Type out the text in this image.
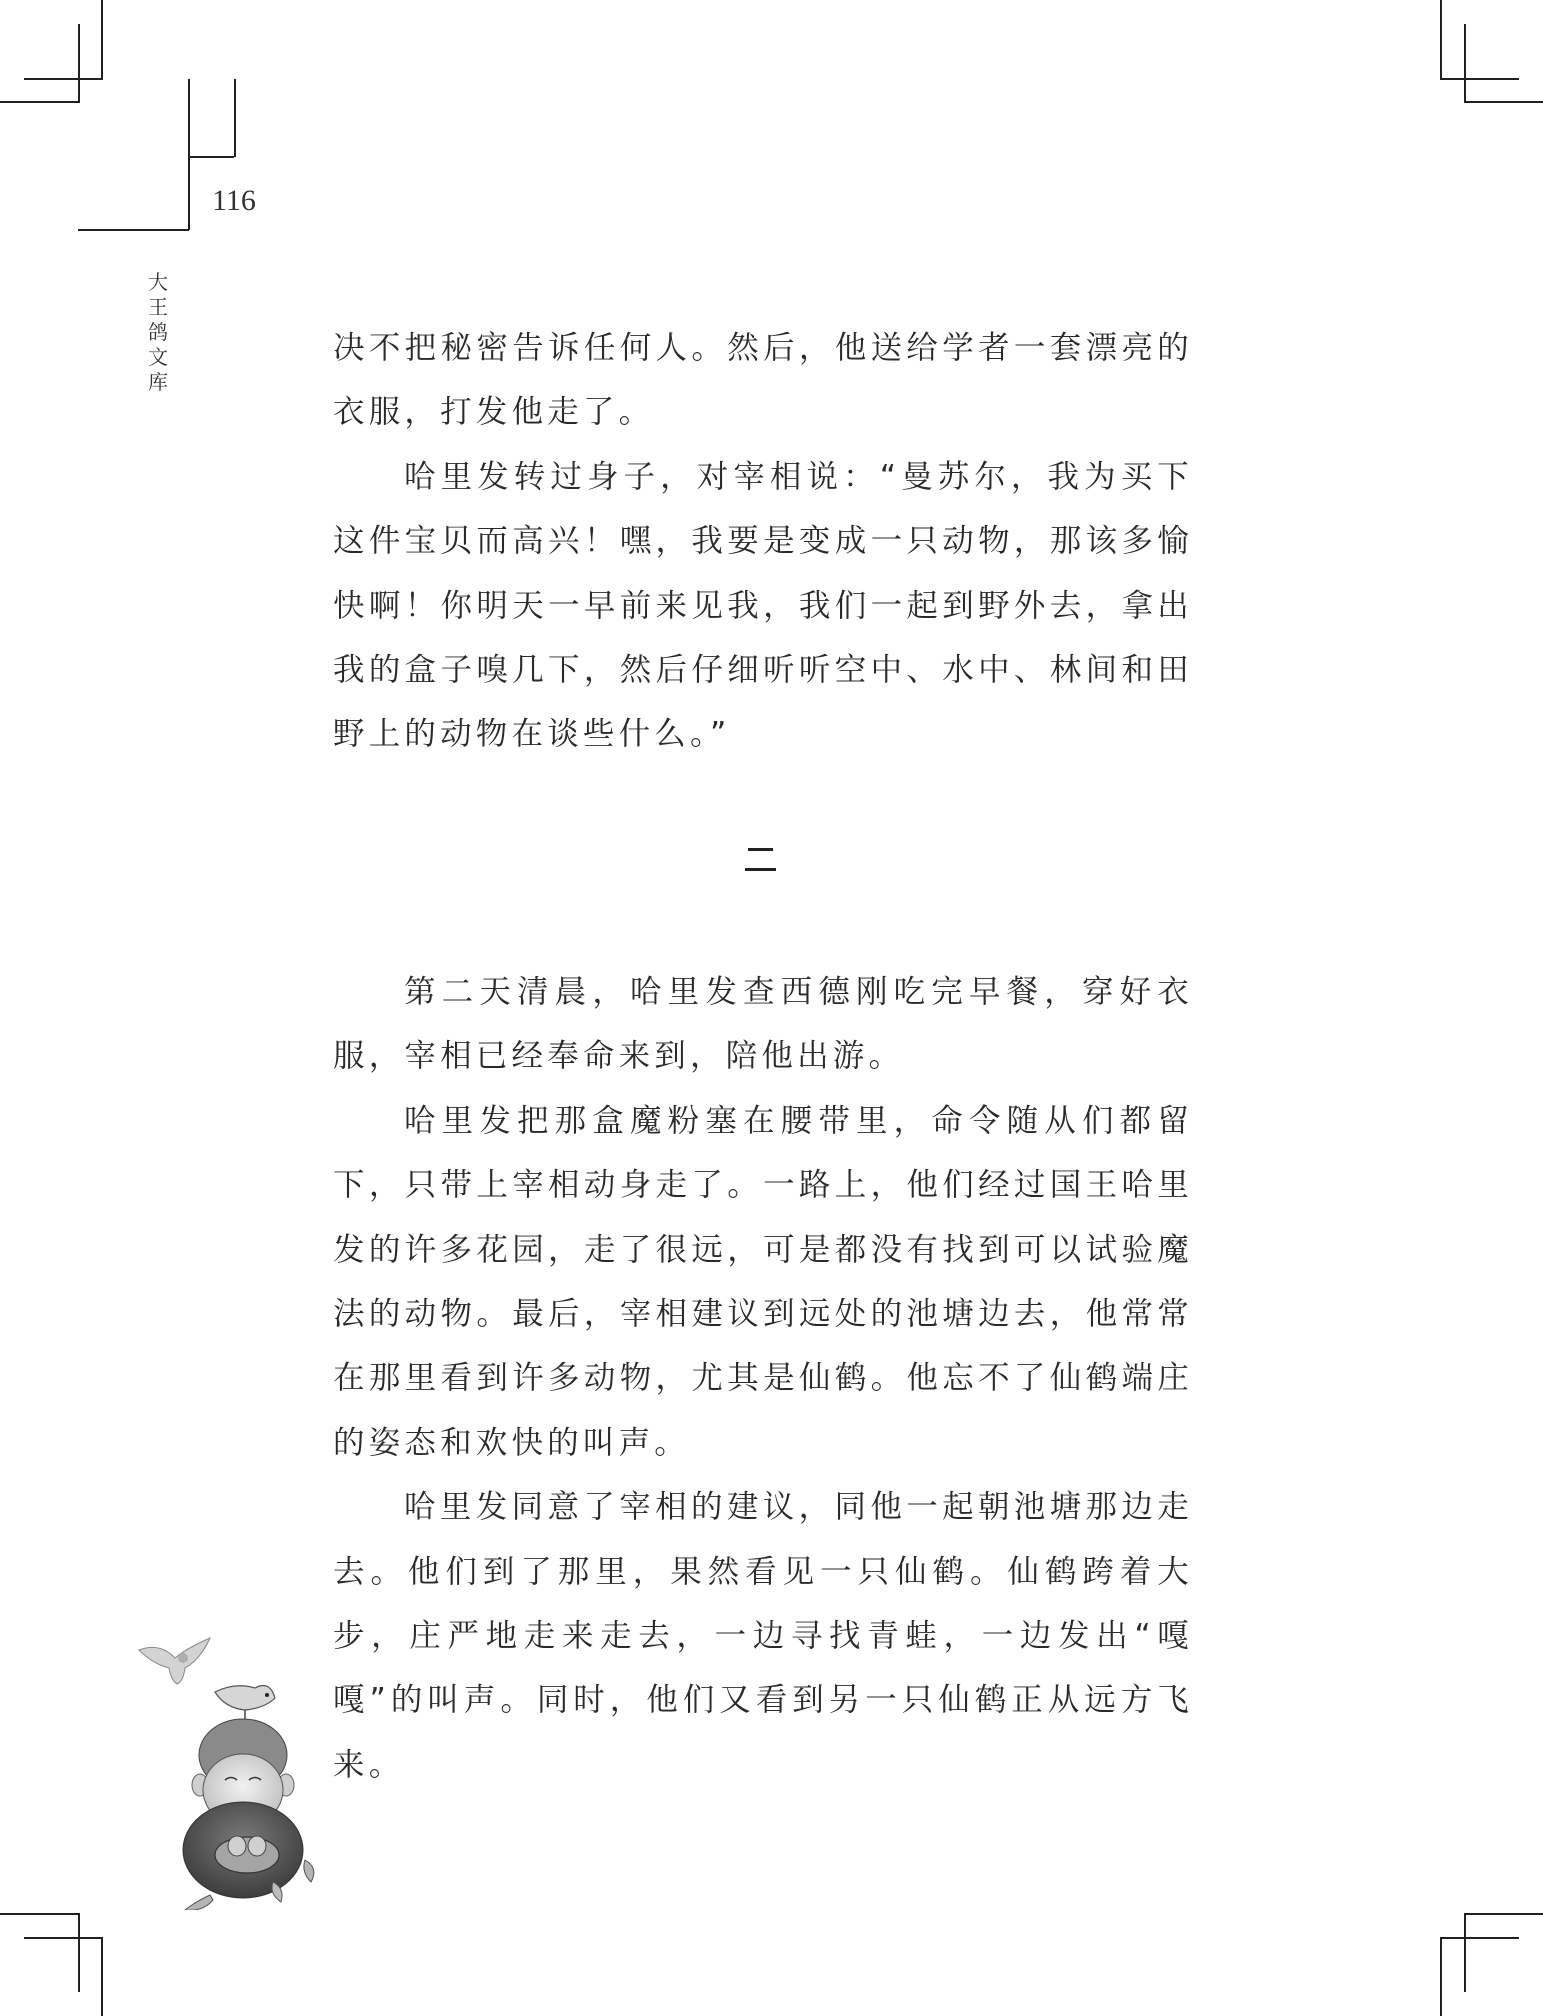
116
大
王
鸽
文
库

决不把秘密告诉任何人。然后，他送给学者一套漂亮的衣服，打发他走了。

哈里发转过身子，对宰相说：“曼苏尔，我为买下这件宝贝而高兴！嘿，我要是变成一只动物，那该多愉快啊！你明天一早前来见我，我们一起到野外去，拿出我的盒子嗅几下，然后仔细听听空中、水中、林间和田野上的动物在谈些什么。”

第二天清晨，哈里发查西德刚吃完早餐，穿好衣服，宰相已经奉命来到，陪他出游。

哈里发把那盒魔粉塞在腰带里，命令随从们都留下，只带上宰相动身走了。一路上，他们经过国王哈里发的许多花园，走了很远，可是都没有找到可以试验魔法的动物。最后，宰相建议到远处的池塘边去，他常常在那里看到许多动物，尤其是仙鹤。他忘不了仙鹤端庄的姿态和欢快的叫声。

哈里发同意了宰相的建议，同他一起朝池塘那边走去。他们到了那里，果然看见一只仙鹤。仙鹤跨着大步，庄严地走来走去，一边寻找青蛙，一边发出“嘎嘎”的叫声。同时，他们又看到另一只仙鹤正从远方飞来。
